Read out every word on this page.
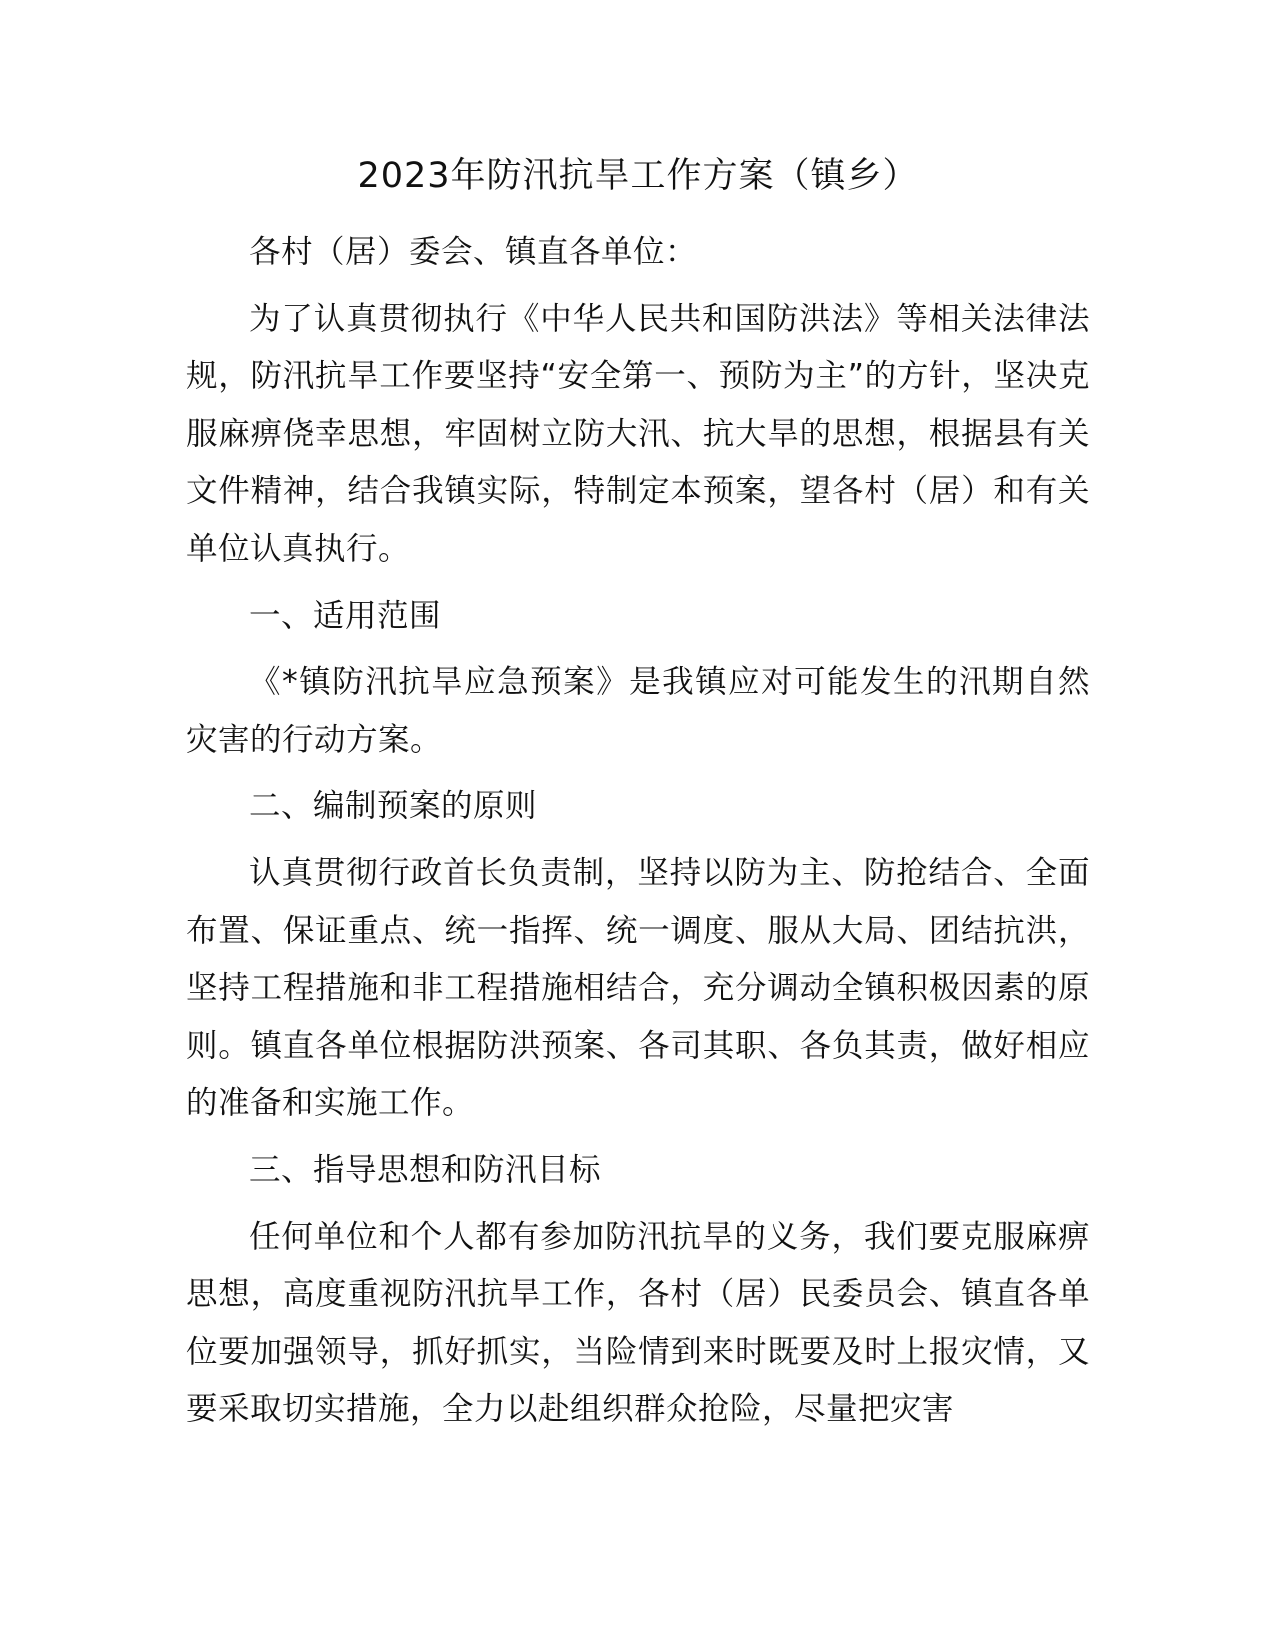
2023年防汛抗旱工作方案（镇乡）

各村（居）委会、镇直各单位：

为了认真贯彻执行《中华人民共和国防洪法》等相关法律法规，防汛抗旱工作要坚持“安全第一、预防为主”的方针，坚决克服麻痹侥幸思想，牢固树立防大汛、抗大旱的思想，根据县有关文件精神，结合我镇实际，特制定本预案，望各村（居）和有关单位认真执行。

一、适用范围

《*镇防汛抗旱应急预案》是我镇应对可能发生的汛期自然灾害的行动方案。

二、编制预案的原则

认真贯彻行政首长负责制，坚持以防为主、防抢结合、全面布置、保证重点、统一指挥、统一调度、服从大局、团结抗洪，坚持工程措施和非工程措施相结合，充分调动全镇积极因素的原则。镇直各单位根据防洪预案、各司其职、各负其责，做好相应的准备和实施工作。

三、指导思想和防汛目标

任何单位和个人都有参加防汛抗旱的义务，我们要克服麻痹思想，高度重视防汛抗旱工作，各村（居）民委员会、镇直各单位要加强领导，抓好抓实，当险情到来时既要及时上报灾情，又要采取切实措施，全力以赴组织群众抢险，尽量把灾害
